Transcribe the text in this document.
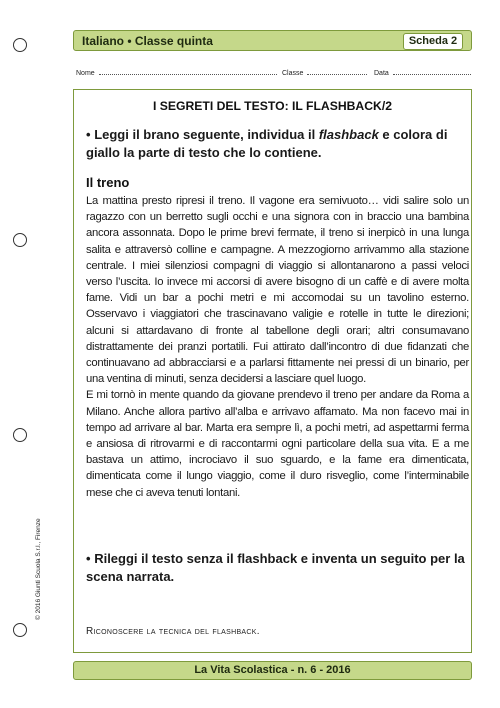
Italiano • Classe quinta	Scheda 2
Nome	Classe	Data
I SEGRETI DEL TESTO: IL FLASHBACK/2
• Leggi il brano seguente, individua il flashback e colora di giallo la parte di testo che lo contiene.
Il treno

La mattina presto ripresi il treno. Il vagone era semivuoto… vidi salire solo un ragazzo con un berretto sugli occhi e una signora con in braccio una bambina ancora assonnata. Dopo le prime brevi fermate, il treno si inerpicò in una lunga salita e attraversò colline e campagne. A mezzogiorno arrivammo alla stazione centrale. I miei silenziosi compagni di viaggio si allontanarono a passi veloci verso l’uscita. Io invece mi accorsi di avere bisogno di un caffè e di avere molta fame. Vidi un bar a pochi metri e mi accomodai su un tavolino esterno. Osservavo i viaggiatori che trascinavano valigie e rotelle in tutte le direzioni; alcuni si attardavano di fronte al tabellone degli orari; altri consumavano distrattamente dei pranzi portatili. Fui attirato dall’incontro di due fidanzati che continuavano ad abbracciarsi e a parlarsi fittamente nei pressi di un binario, per una ventina di minuti, senza decidersi a lasciare quel luogo.

E mi tornò in mente quando da giovane prendevo il treno per andare da Roma a Milano. Anche allora partivo all’alba e arrivavo affamato. Ma non facevo mai in tempo ad arrivare al bar. Marta era sempre lì, a pochi metri, ad aspettarmi ferma e ansiosa di ritrovarmi e di raccontarmi ogni particolare della sua vita. E a me bastava un attimo, incrociavo il suo sguardo, e la fame era dimenticata, dimenticata come il lungo viaggio, come il duro risveglio, come l’interminabile mese che ci aveva tenuti lontani.

• Rileggi il testo senza il flashback e inventa un seguito per la scena narrata.
Riconoscere la tecnica del flashback.
© 2016 Giunti Scuola S.r.l., Firenze
La Vita Scolastica - n. 6 - 2016
